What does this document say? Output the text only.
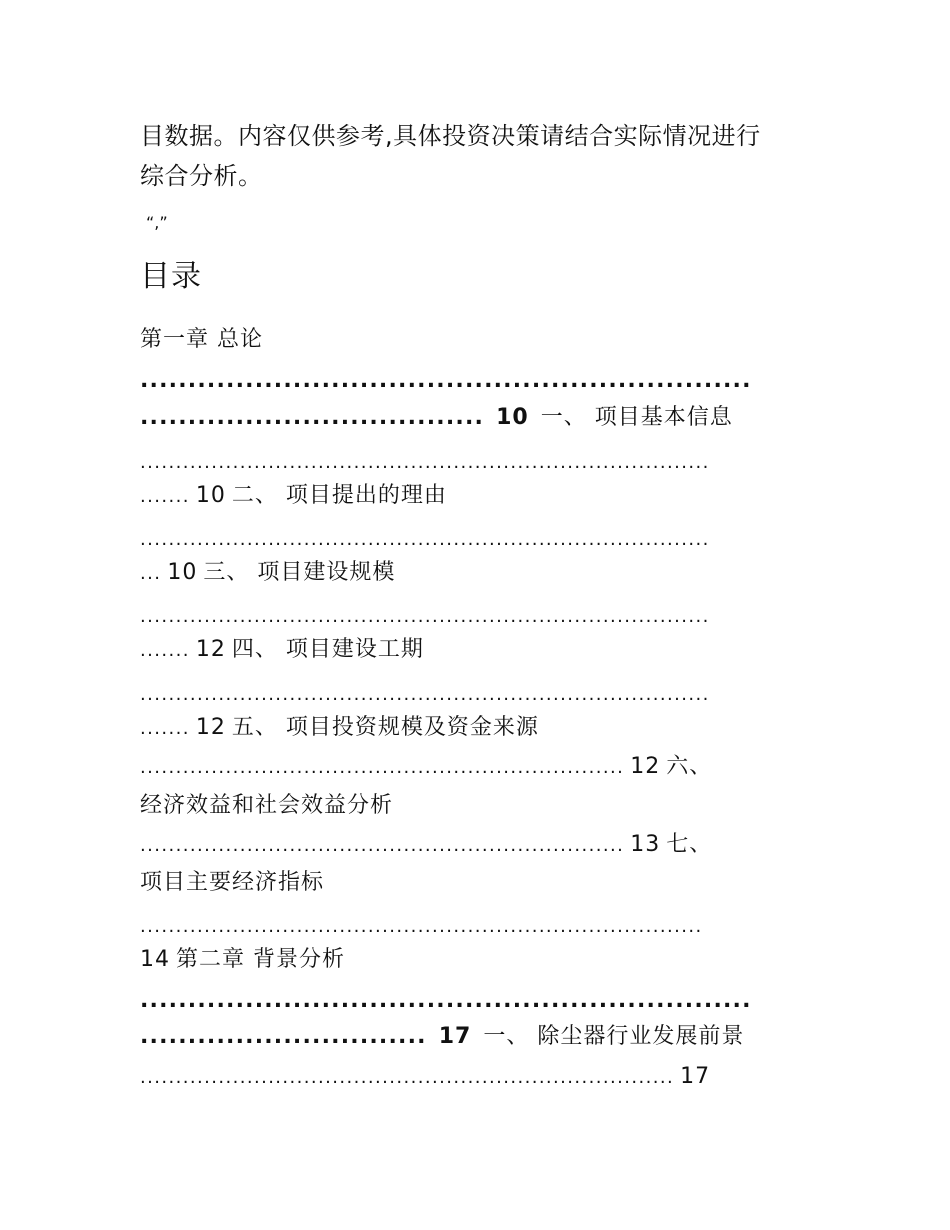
目数据。内容仅供参考,具体投资决策请结合实际情况进行
综合分析。
“,”
目录
第一章 总论
................................................................
.................................... 10 一、 项目基本信息
................................................................................
....... 10 二、 项目提出的理由
................................................................................
... 10 三、 项目建设规模
................................................................................
....... 12 四、 项目建设工期
................................................................................
....... 12 五、 项目投资规模及资金来源
.................................................................... 12 六、
经济效益和社会效益分析
.................................................................... 13 七、
项目主要经济指标
...............................................................................
14 第二章 背景分析
................................................................
.............................. 17 一、 除尘器行业发展前景
........................................................................... 17
